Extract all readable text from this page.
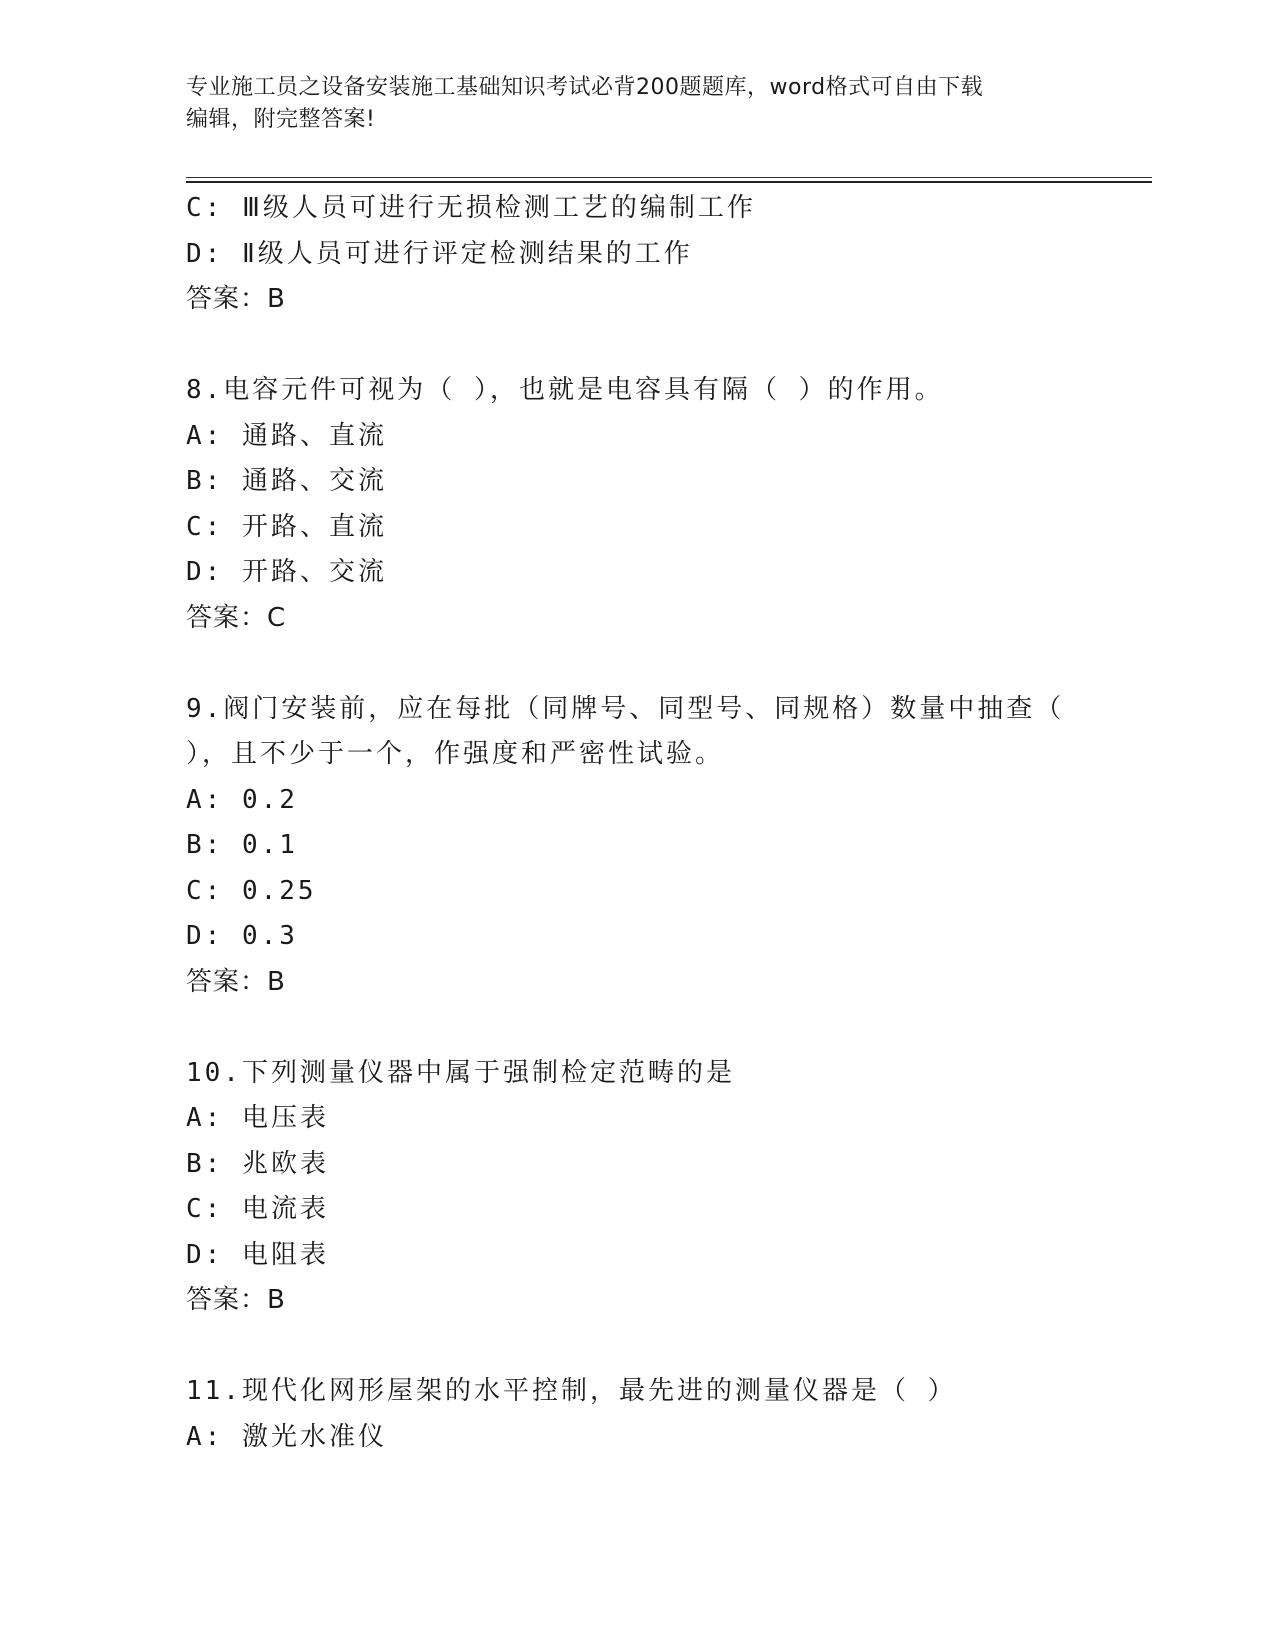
专业施工员之设备安装施工基础知识考试必背200题题库，word格式可自由下载
编辑，附完整答案!
C: Ⅲ级人员可进行无损检测工艺的编制工作
D: Ⅱ级人员可进行评定检测结果的工作
答案：B
8.电容元件可视为（ ），也就是电容具有隔（ ）的作用。
A: 通路、直流
B: 通路、交流
C: 开路、直流
D: 开路、交流
答案：C
9.阀门安装前，应在每批（同牌号、同型号、同规格）数量中抽查（
），且不少于一个，作强度和严密性试验。
A: 0.2
B: 0.1
C: 0.25
D: 0.3
答案：B
10.下列测量仪器中属于强制检定范畴的是
A: 电压表
B: 兆欧表
C: 电流表
D: 电阻表
答案：B
11.现代化网形屋架的水平控制，最先进的测量仪器是（ ）
A: 激光水准仪
